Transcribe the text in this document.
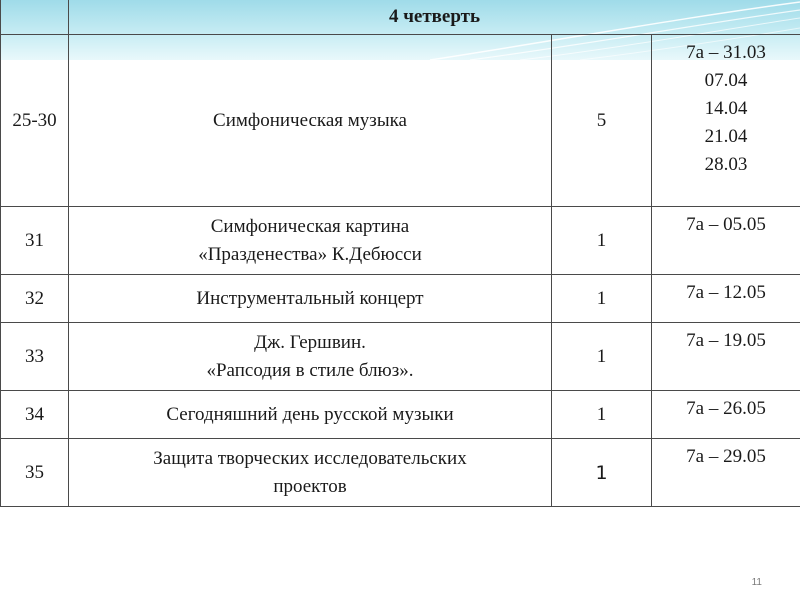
	4 четверть		
25-30	Симфоническая музыка	5	7а – 31.03
07.04
14.04
21.04
28.03

31	Симфоническая картина
«Празденества» К.Дебюсси	1	7а – 05.05

32	Инструментальный концерт	1	7а – 12.05

33	Дж. Гершвин.
«Рапсодия в стиле блюз».	1	7а – 19.05

34	Сегодняшний день русской музыки	1	7а – 26.05

35	Защита творческих исследовательских
проектов	1	7а – 29.05
11
